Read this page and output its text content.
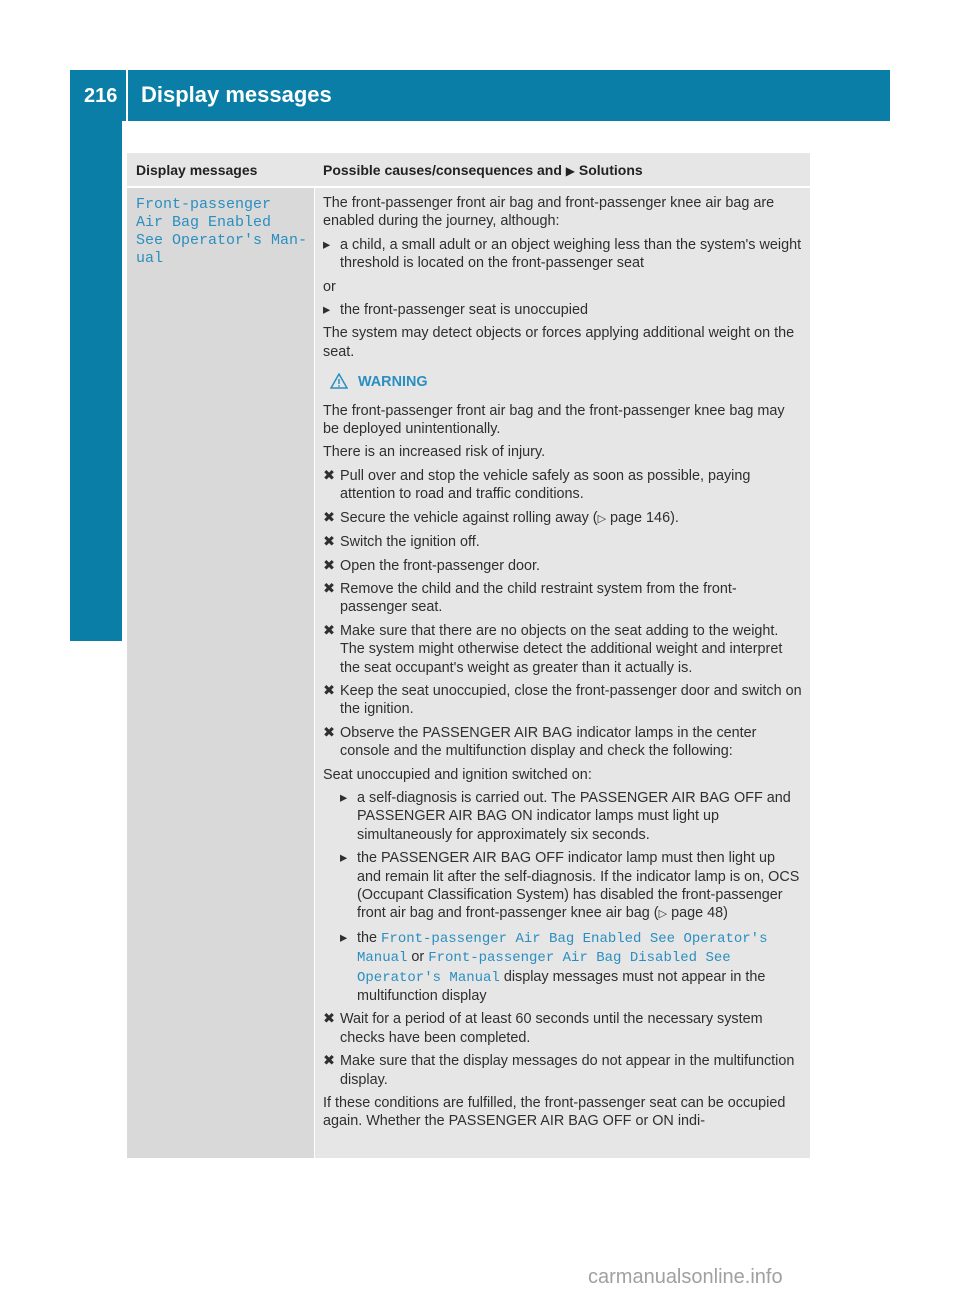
216 Display messages
On-board computer and displays
Display messages	Possible causes/consequences and ▶ Solutions
Front-passenger
Air Bag Enabled
See Operator's Man‐
ual

The front-passenger front air bag and front-passenger knee air bag are enabled during the journey, although:

▸ a child, a small adult or an object weighing less than the system's weight threshold is located on the front-passenger seat

or

▸ the front-passenger seat is unoccupied

The system may detect objects or forces applying additional weight on the seat.

WARNING

The front-passenger front air bag and the front-passenger knee bag may be deployed unintentionally.

There is an increased risk of injury.

✖ Pull over and stop the vehicle safely as soon as possible, paying attention to road and traffic conditions.
✖ Secure the vehicle against rolling away (▷ page 146).
✖ Switch the ignition off.
✖ Open the front-passenger door.
✖ Remove the child and the child restraint system from the front-passenger seat.
✖ Make sure that there are no objects on the seat adding to the weight.
The system might otherwise detect the additional weight and interpret the seat occupant's weight as greater than it actually is.
✖ Keep the seat unoccupied, close the front-passenger door and switch on the ignition.
✖ Observe the PASSENGER AIR BAG indicator lamps in the center console and the multifunction display and check the following:

Seat unoccupied and ignition switched on:

▸ a self-diagnosis is carried out. The PASSENGER AIR BAG OFF and PASSENGER AIR BAG ON indicator lamps must light up simultaneously for approximately six seconds.
▸ the PASSENGER AIR BAG OFF indicator lamp must then light up and remain lit after the self-diagnosis. If the indicator lamp is on, OCS (Occupant Classification System) has disabled the front-passenger front air bag and front-passenger knee air bag (▷ page 48)
▸ the Front-passenger Air Bag Enabled See Operator's Manual or Front-passenger Air Bag Disabled See Operator's Manual display messages must not appear in the multifunction display
✖ Wait for a period of at least 60 seconds until the necessary system checks have been completed.
✖ Make sure that the display messages do not appear in the multifunction display.

If these conditions are fulfilled, the front-passenger seat can be occupied again. Whether the PASSENGER AIR BAG OFF or ON indi-

carmanualsonline.info
